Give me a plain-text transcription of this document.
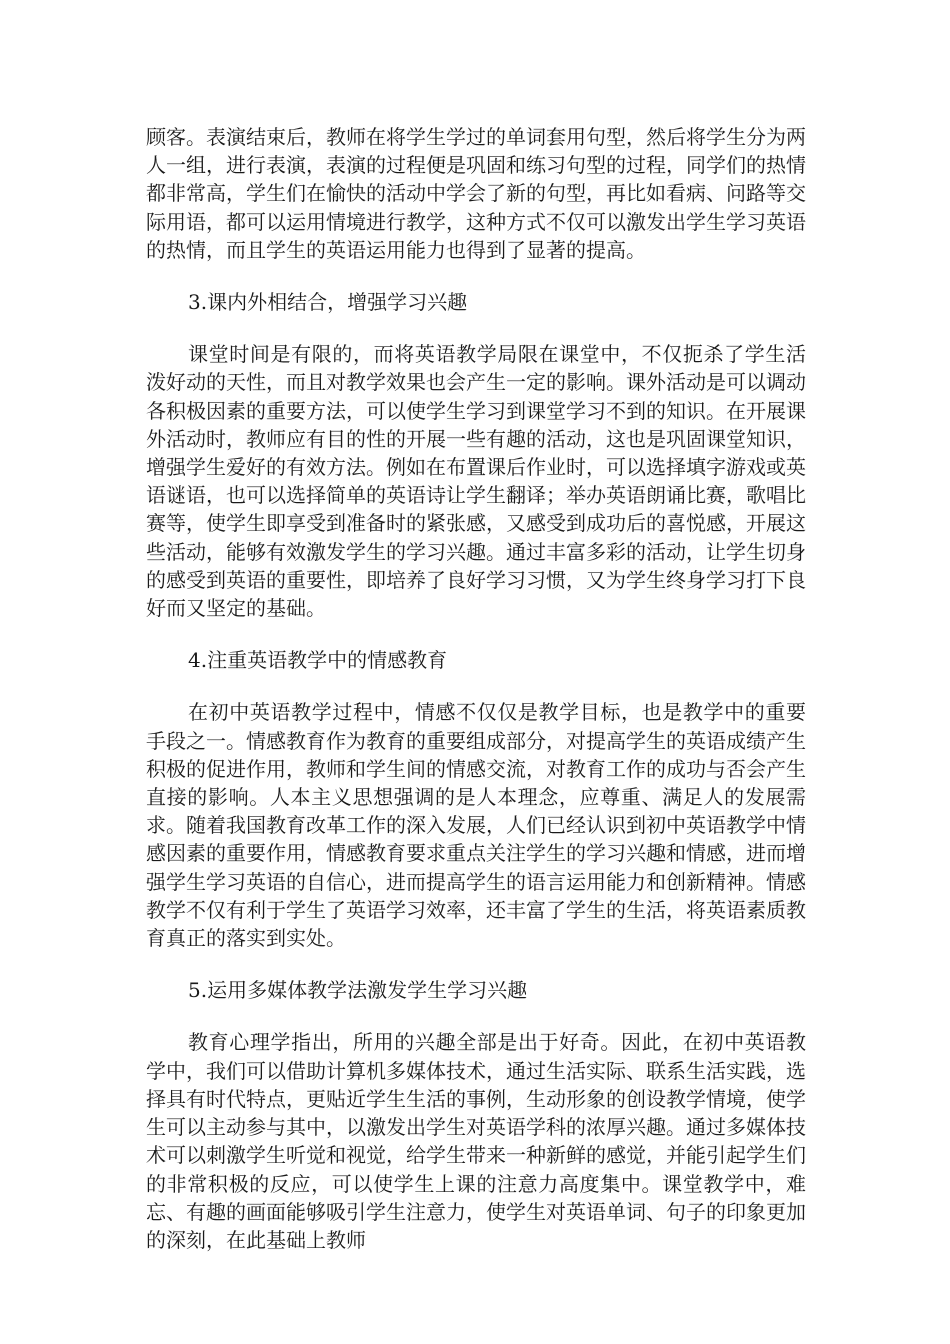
顾客。表演结束后，教师在将学生学过的单词套用句型，然后将学生分为两人一组，进行表演，表演的过程便是巩固和练习句型的过程，同学们的热情都非常高，学生们在愉快的活动中学会了新的句型，再比如看病、问路等交际用语，都可以运用情境进行教学，这种方式不仅可以激发出学生学习英语的热情，而且学生的英语运用能力也得到了显著的提高。

3.课内外相结合，增强学习兴趣

课堂时间是有限的，而将英语教学局限在课堂中，不仅扼杀了学生活泼好动的天性，而且对教学效果也会产生一定的影响。课外活动是可以调动各积极因素的重要方法，可以使学生学习到课堂学习不到的知识。在开展课外活动时，教师应有目的性的开展一些有趣的活动，这也是巩固课堂知识，增强学生爱好的有效方法。例如在布置课后作业时，可以选择填字游戏或英语谜语，也可以选择简单的英语诗让学生翻译；举办英语朗诵比赛，歌唱比赛等，使学生即享受到准备时的紧张感，又感受到成功后的喜悦感，开展这些活动，能够有效激发学生的学习兴趣。通过丰富多彩的活动，让学生切身的感受到英语的重要性，即培养了良好学习习惯，又为学生终身学习打下良好而又坚定的基础。

4.注重英语教学中的情感教育

在初中英语教学过程中，情感不仅仅是教学目标，也是教学中的重要手段之一。情感教育作为教育的重要组成部分，对提高学生的英语成绩产生积极的促进作用，教师和学生间的情感交流，对教育工作的成功与否会产生直接的影响。人本主义思想强调的是人本理念，应尊重、满足人的发展需求。随着我国教育改革工作的深入发展，人们已经认识到初中英语教学中情感因素的重要作用，情感教育要求重点关注学生的学习兴趣和情感，进而增强学生学习英语的自信心，进而提高学生的语言运用能力和创新精神。情感教学不仅有利于学生了英语学习效率，还丰富了学生的生活，将英语素质教育真正的落实到实处。

5.运用多媒体教学法激发学生学习兴趣

教育心理学指出，所用的兴趣全部是出于好奇。因此，在初中英语教学中，我们可以借助计算机多媒体技术，通过生活实际、联系生活实践，选择具有时代特点，更贴近学生生活的事例，生动形象的创设教学情境，使学生可以主动参与其中，以激发出学生对英语学科的浓厚兴趣。通过多媒体技术可以刺激学生听觉和视觉，给学生带来一种新鲜的感觉，并能引起学生们的非常积极的反应，可以使学生上课的注意力高度集中。课堂教学中，难忘、有趣的画面能够吸引学生注意力，使学生对英语单词、句子的印象更加的深刻，在此基础上教师
